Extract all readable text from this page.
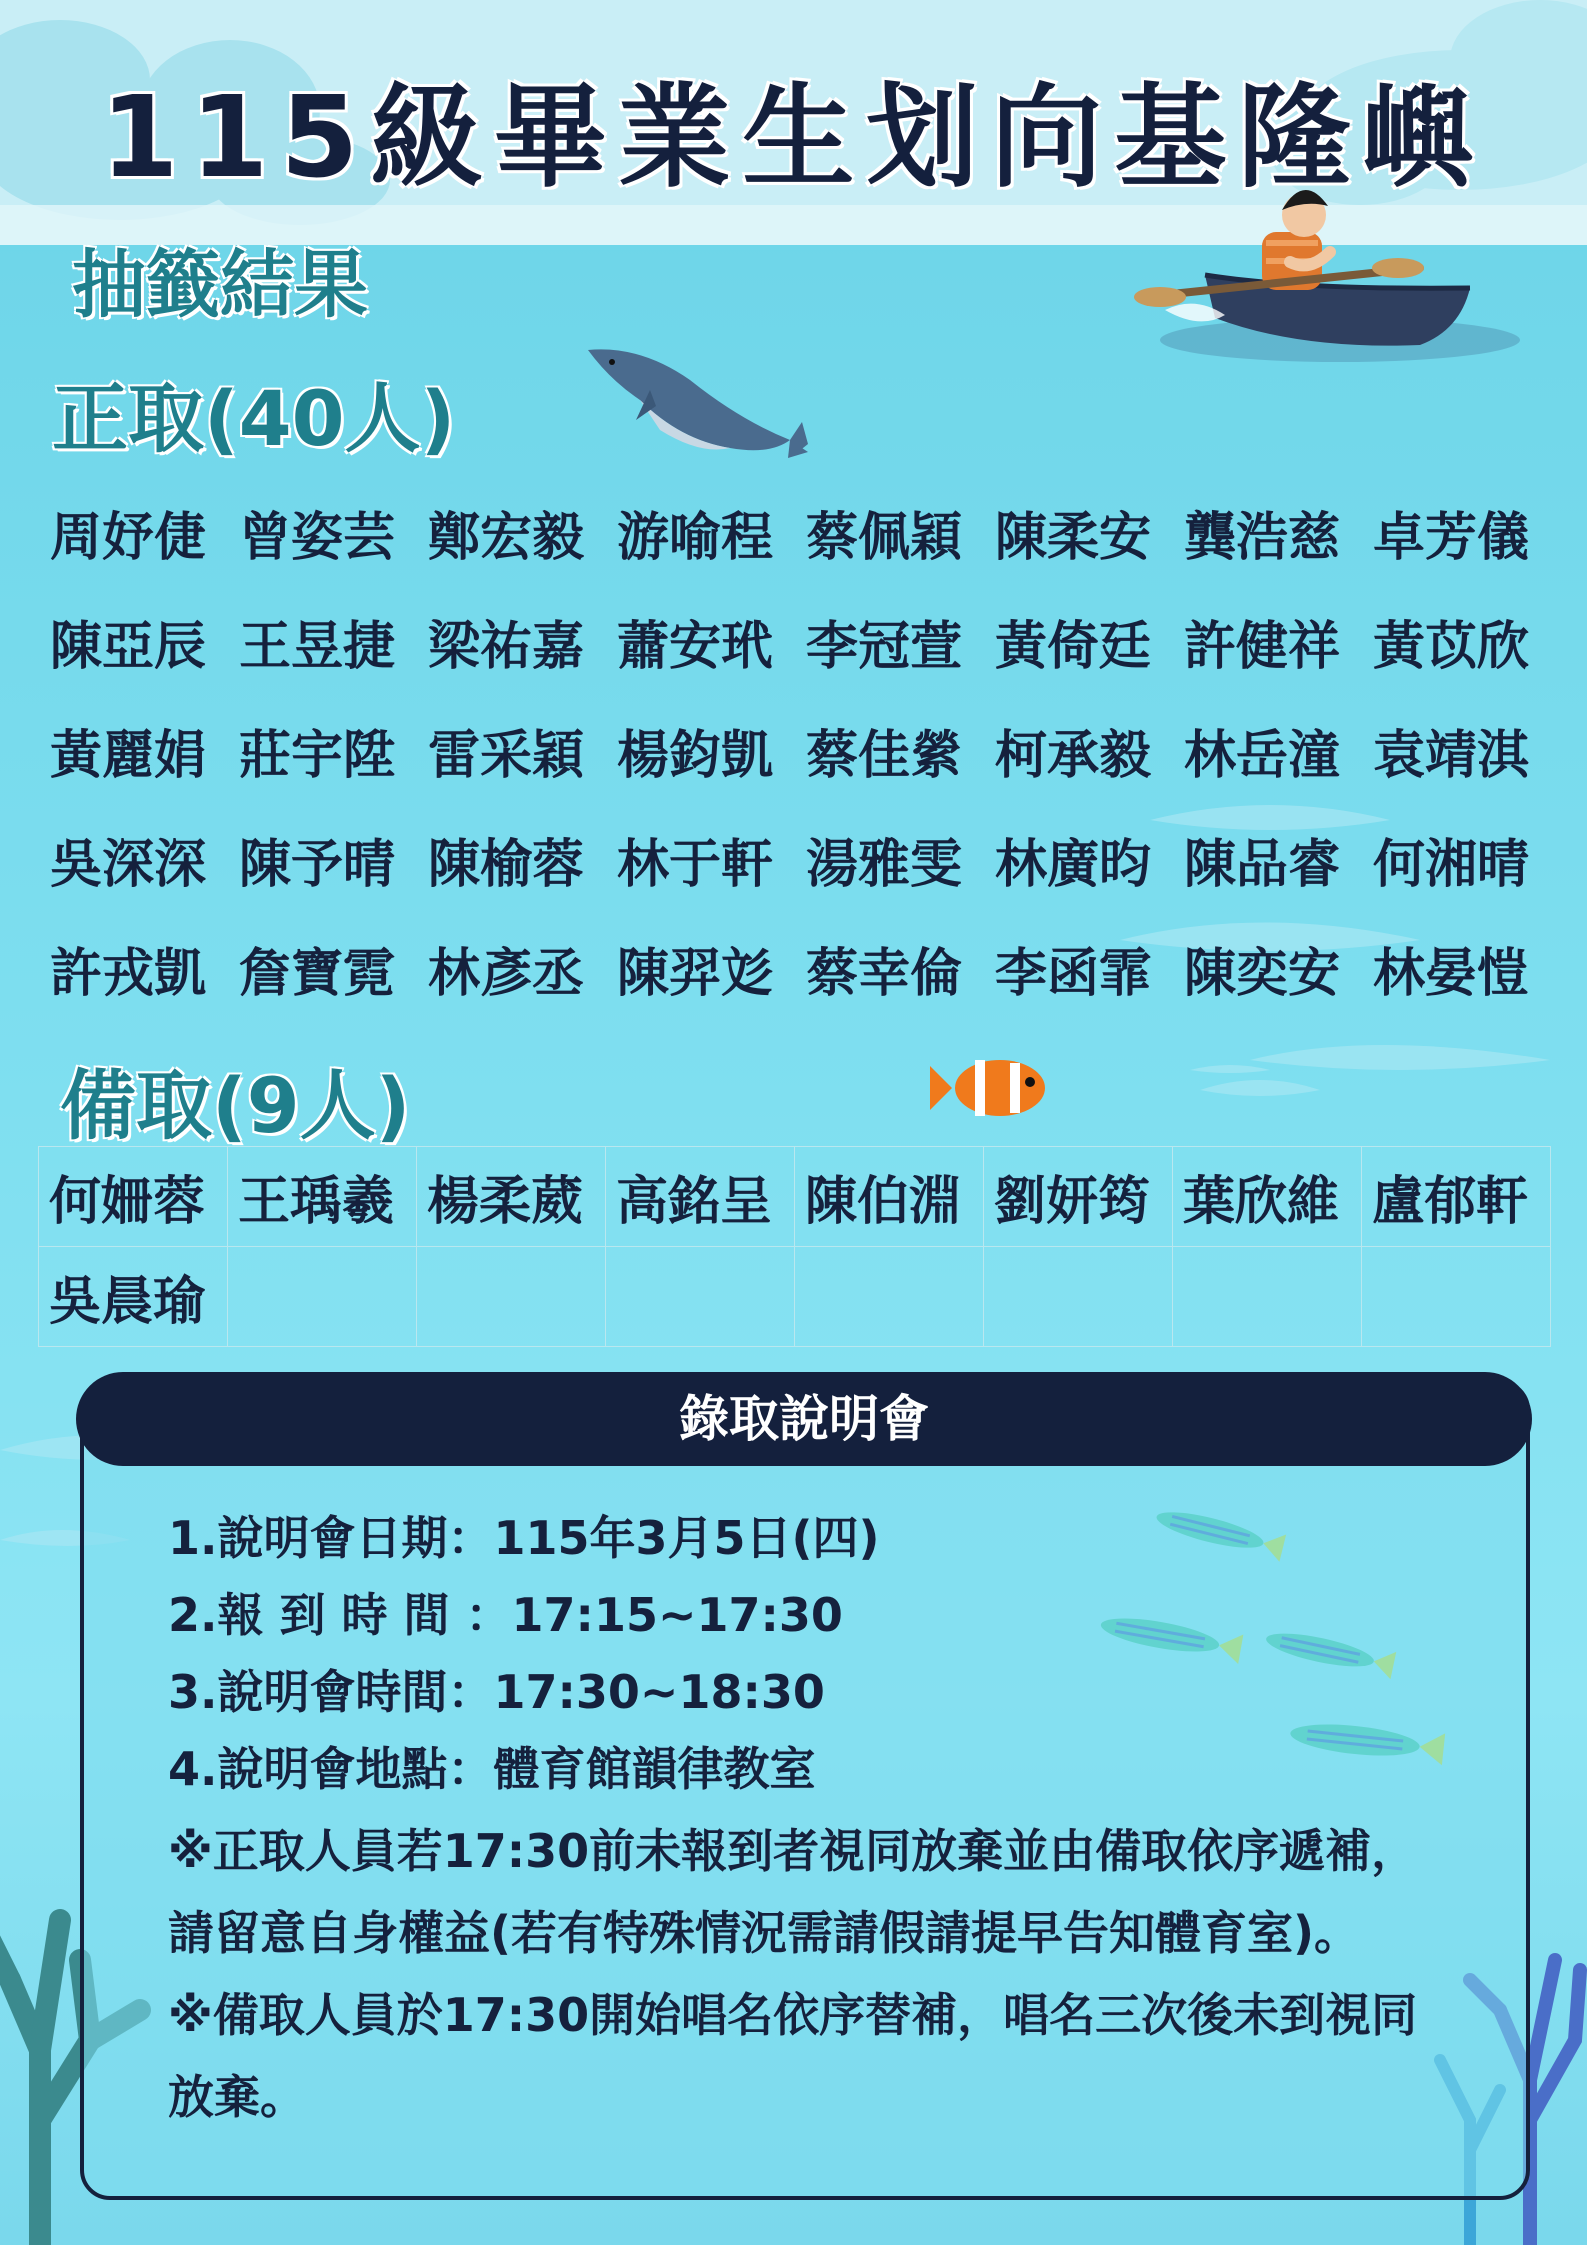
115級畢業生划向基隆嶼
抽籤結果
正取(40人)
周妤倢 曾姿芸 鄭宏毅 游喻程 蔡佩穎 陳柔安 龔浩慈 卓芳儀
陳亞辰 王昱捷 梁祐嘉 蕭安玳 李冠萱 黃倚廷 許健祥 黃苡欣
黃麗娟 莊宇陞 雷采穎 楊鈞凱 蔡佳縈 柯承毅 林岳潼 袁靖淇
吳深深 陳予晴 陳榆蓉 林于軒 湯雅雯 林廣昀 陳品睿 何湘晴
許戎凱 詹寶霓 林彥丞 陳羿彣 蔡幸倫 李函霏 陳奕安 林晏愷
備取(9人)
何姍蓉	王瑀羲	楊柔葳	高銘呈	陳伯淵	劉妍筠	葉欣維	盧郁軒
吳晨瑜							
錄取說明會
1.說明會日期：115年3月5日(四)
2.報 到 時 間 ：17:15~17:30
3.說明會時間：17:30~18:30
4.說明會地點：體育館韻律教室
※正取人員若17:30前未報到者視同放棄並由備取依序遞補，請留意自身權益(若有特殊情況需請假請提早告知體育室)。
※備取人員於17:30開始唱名依序替補，唱名三次後未到視同放棄。
